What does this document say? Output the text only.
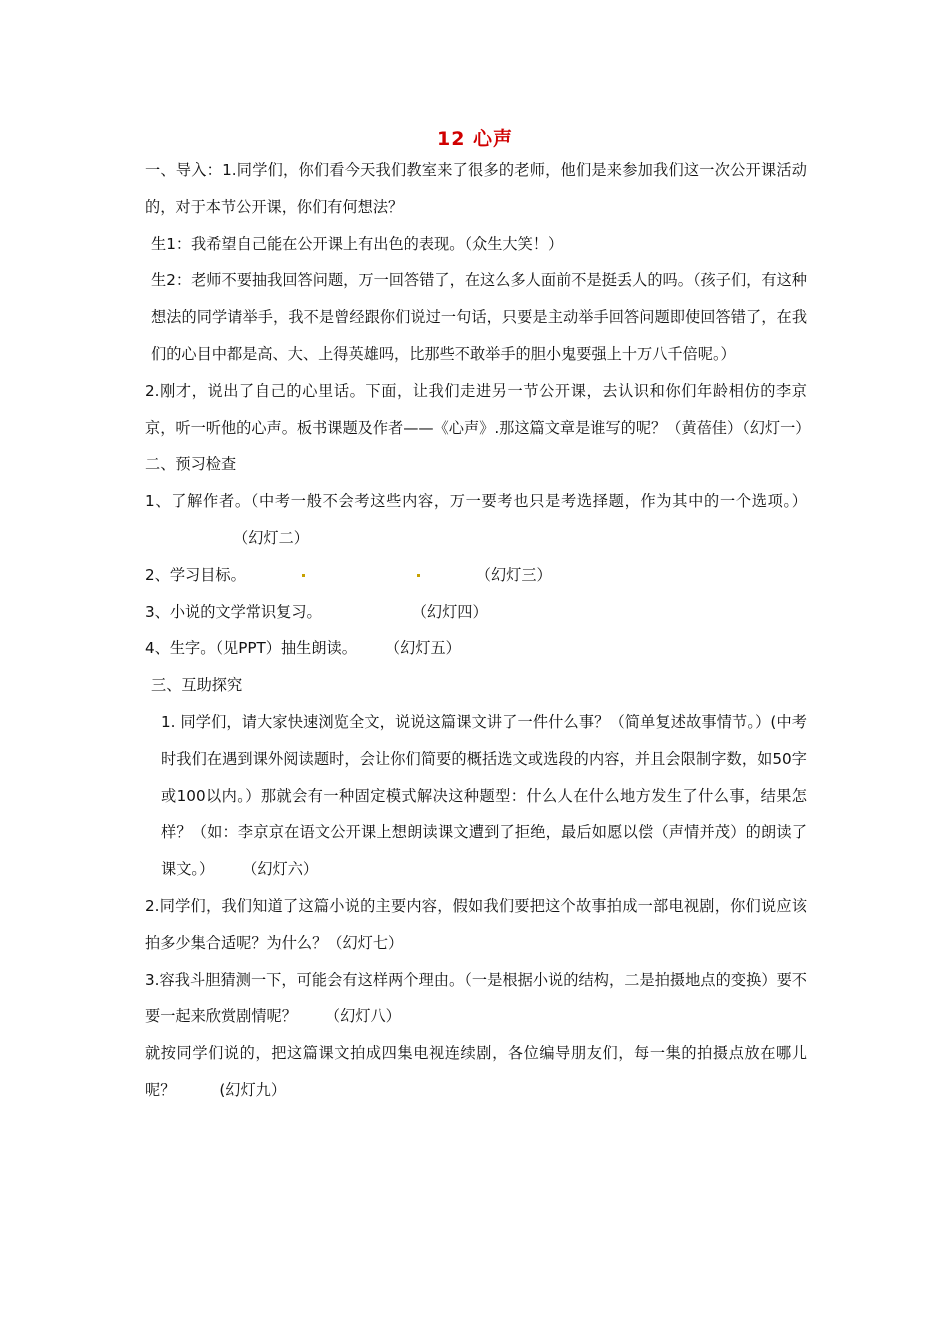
12 心声

一、导入：1.同学们，你们看今天我们教室来了很多的老师，他们是来参加我们这一次公开课活动的，对于本节公开课，你们有何想法？

生1：我希望自己能在公开课上有出色的表现。（众生大笑！）

生2：老师不要抽我回答问题，万一回答错了，在这么多人面前不是挺丢人的吗。（孩子们，有这种想法的同学请举手，我不是曾经跟你们说过一句话，只要是主动举手回答问题即使回答错了，在我们的心目中都是高、大、上得英雄吗，比那些不敢举手的胆小鬼要强上十万八千倍呢。）

2.刚才，说出了自己的心里话。下面，让我们走进另一节公开课，去认识和你们年龄相仿的李京京，听一听他的心声。板书课题及作者——《心声》.那这篇文章是谁写的呢？（黄蓓佳）（幻灯一）

二、预习检查

1、了解作者。（中考一般不会考这些内容，万一要考也只是考选择题，作为其中的一个选项。）（幻灯二）

2、学习目标。	（幻灯三）

3、小说的文学常识复习。	（幻灯四）

4、生字。（见PPT）抽生朗读。 （幻灯五）

三、互助探究

1. 同学们，请大家快速浏览全文，说说这篇课文讲了一件什么事？（简单复述故事情节。）(中考时我们在遇到课外阅读题时，会让你们简要的概括选文或选段的内容，并且会限制字数，如50字或100以内。）那就会有一种固定模式解决这种题型：什么人在什么地方发生了什么事，结果怎样？（如：李京京在语文公开课上想朗读课文遭到了拒绝，最后如愿以偿（声情并茂）的朗读了课文。） （幻灯六）

2.同学们，我们知道了这篇小说的主要内容，假如我们要把这个故事拍成一部电视剧，你们说应该拍多少集合适呢？为什么？（幻灯七）

3.容我斗胆猜测一下，可能会有这样两个理由。（一是根据小说的结构，二是拍摄地点的变换）要不要一起来欣赏剧情呢？ （幻灯八）

就按同学们说的，把这篇课文拍成四集电视连续剧，各位编导朋友们，每一集的拍摄点放在哪儿呢？	(幻灯九）
